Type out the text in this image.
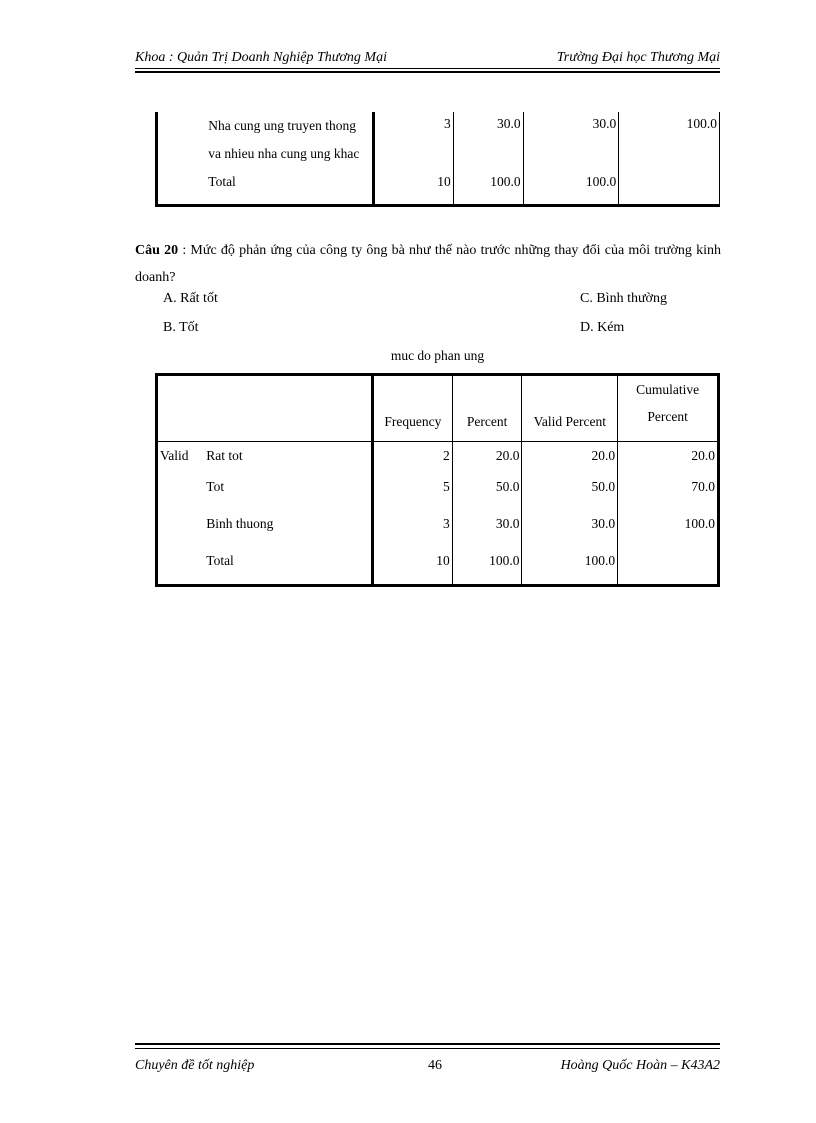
Khoa : Quản Trị Doanh Nghiệp Thương Mại	Trường Đại học Thương Mại
	Nha cung ung truyen thong va nhieu nha cung ung khac	3	30.0	30.0	100.0
	Total	10	100.0	100.0	
Câu 20 : Mức độ phản ứng của công ty ông bà như thế nào trước những thay đổi của môi trường kinh doanh?
A. Rất tốt	C. Bình thường
B. Tốt	D. Kém
muc do phan ung
		Frequency	Percent	Valid Percent	Cumulative Percent
Valid	Rat tot	2	20.0	20.0	20.0
	Tot	5	50.0	50.0	70.0
	Binh thuong	3	30.0	30.0	100.0
	Total	10	100.0	100.0	
Chuyên đề tốt nghiệp	46	Hoàng Quốc Hoàn – K43A2
